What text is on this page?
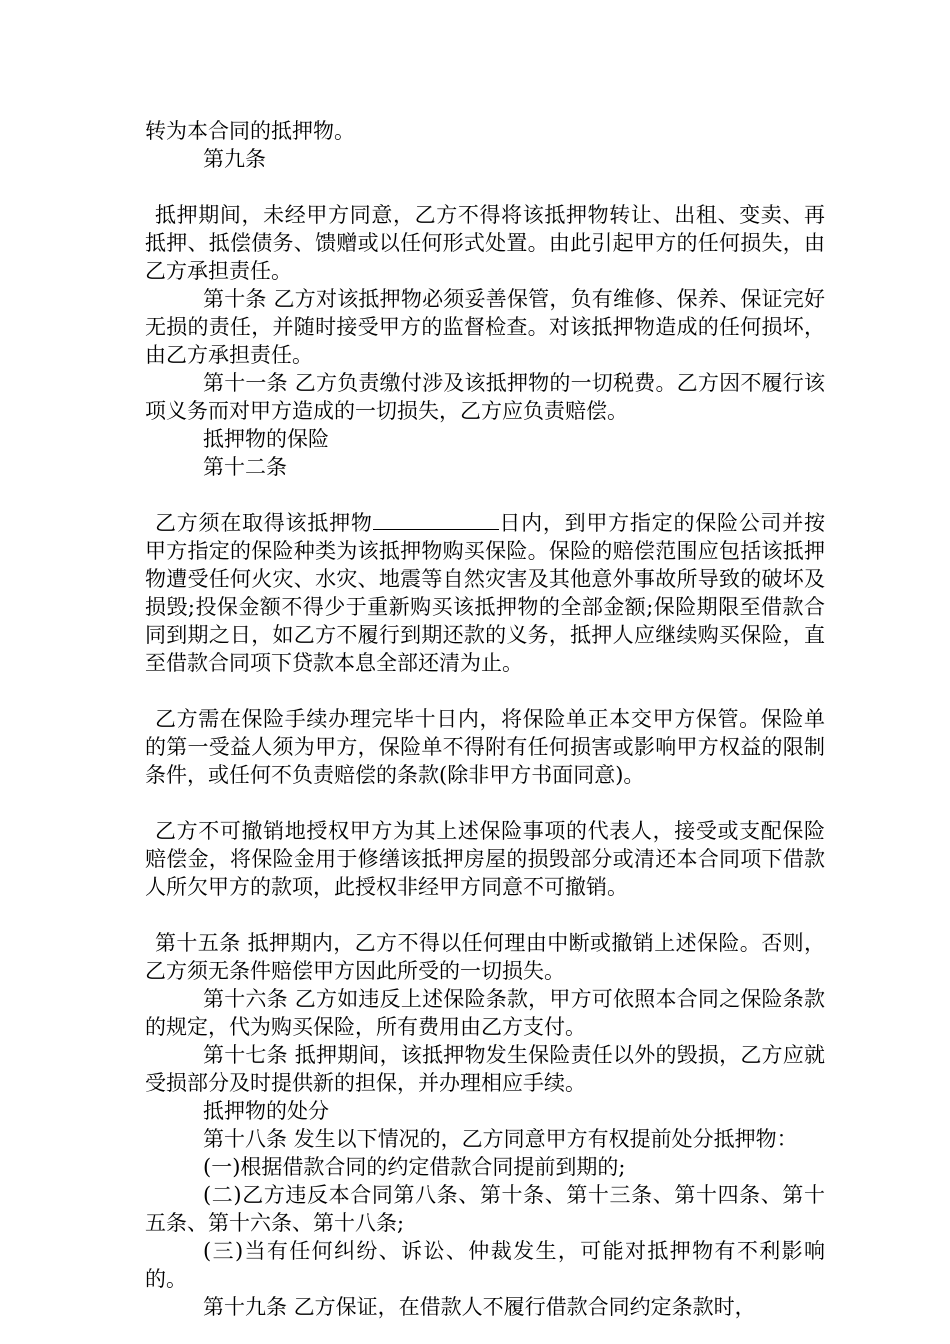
转为本合同的抵押物。

第九条

抵押期间，未经甲方同意，乙方不得将该抵押物转让、出租、变卖、再抵押、抵偿债务、馈赠或以任何形式处置。由此引起甲方的任何损失，由乙方承担责任。

第十条 乙方对该抵押物必须妥善保管，负有维修、保养、保证完好无损的责任，并随时接受甲方的监督检查。对该抵押物造成的任何损坏，由乙方承担责任。

第十一条 乙方负责缴付涉及该抵押物的一切税费。乙方因不履行该项义务而对甲方造成的一切损失，乙方应负责赔偿。

抵押物的保险

第十二条

乙方须在取得该抵押物	日内，到甲方指定的保险公司并按甲方指定的保险种类为该抵押物购买保险。保险的赔偿范围应包括该抵押物遭受任何火灾、水灾、地震等自然灾害及其他意外事故所导致的破坏及损毁;投保金额不得少于重新购买该抵押物的全部金额;保险期限至借款合同到期之日，如乙方不履行到期还款的义务，抵押人应继续购买保险，直至借款合同项下贷款本息全部还清为止。

乙方需在保险手续办理完毕十日内，将保险单正本交甲方保管。保险单的第一受益人须为甲方，保险单不得附有任何损害或影响甲方权益的限制条件，或任何不负责赔偿的条款(除非甲方书面同意)。

乙方不可撤销地授权甲方为其上述保险事项的代表人，接受或支配保险赔偿金，将保险金用于修缮该抵押房屋的损毁部分或清还本合同项下借款人所欠甲方的款项，此授权非经甲方同意不可撤销。

第十五条 抵押期内，乙方不得以任何理由中断或撤销上述保险。否则，乙方须无条件赔偿甲方因此所受的一切损失。

第十六条 乙方如违反上述保险条款，甲方可依照本合同之保险条款的规定，代为购买保险，所有费用由乙方支付。

第十七条 抵押期间，该抵押物发生保险责任以外的毁损，乙方应就受损部分及时提供新的担保，并办理相应手续。

抵押物的处分

第十八条 发生以下情况的，乙方同意甲方有权提前处分抵押物：

(一)根据借款合同的约定借款合同提前到期的;

(二)乙方违反本合同第八条、第十条、第十三条、第十四条、第十五条、第十六条、第十八条;

(三)当有任何纠纷、诉讼、仲裁发生，可能对抵押物有不利影响的。

第十九条 乙方保证，在借款人不履行借款合同约定条款时，
